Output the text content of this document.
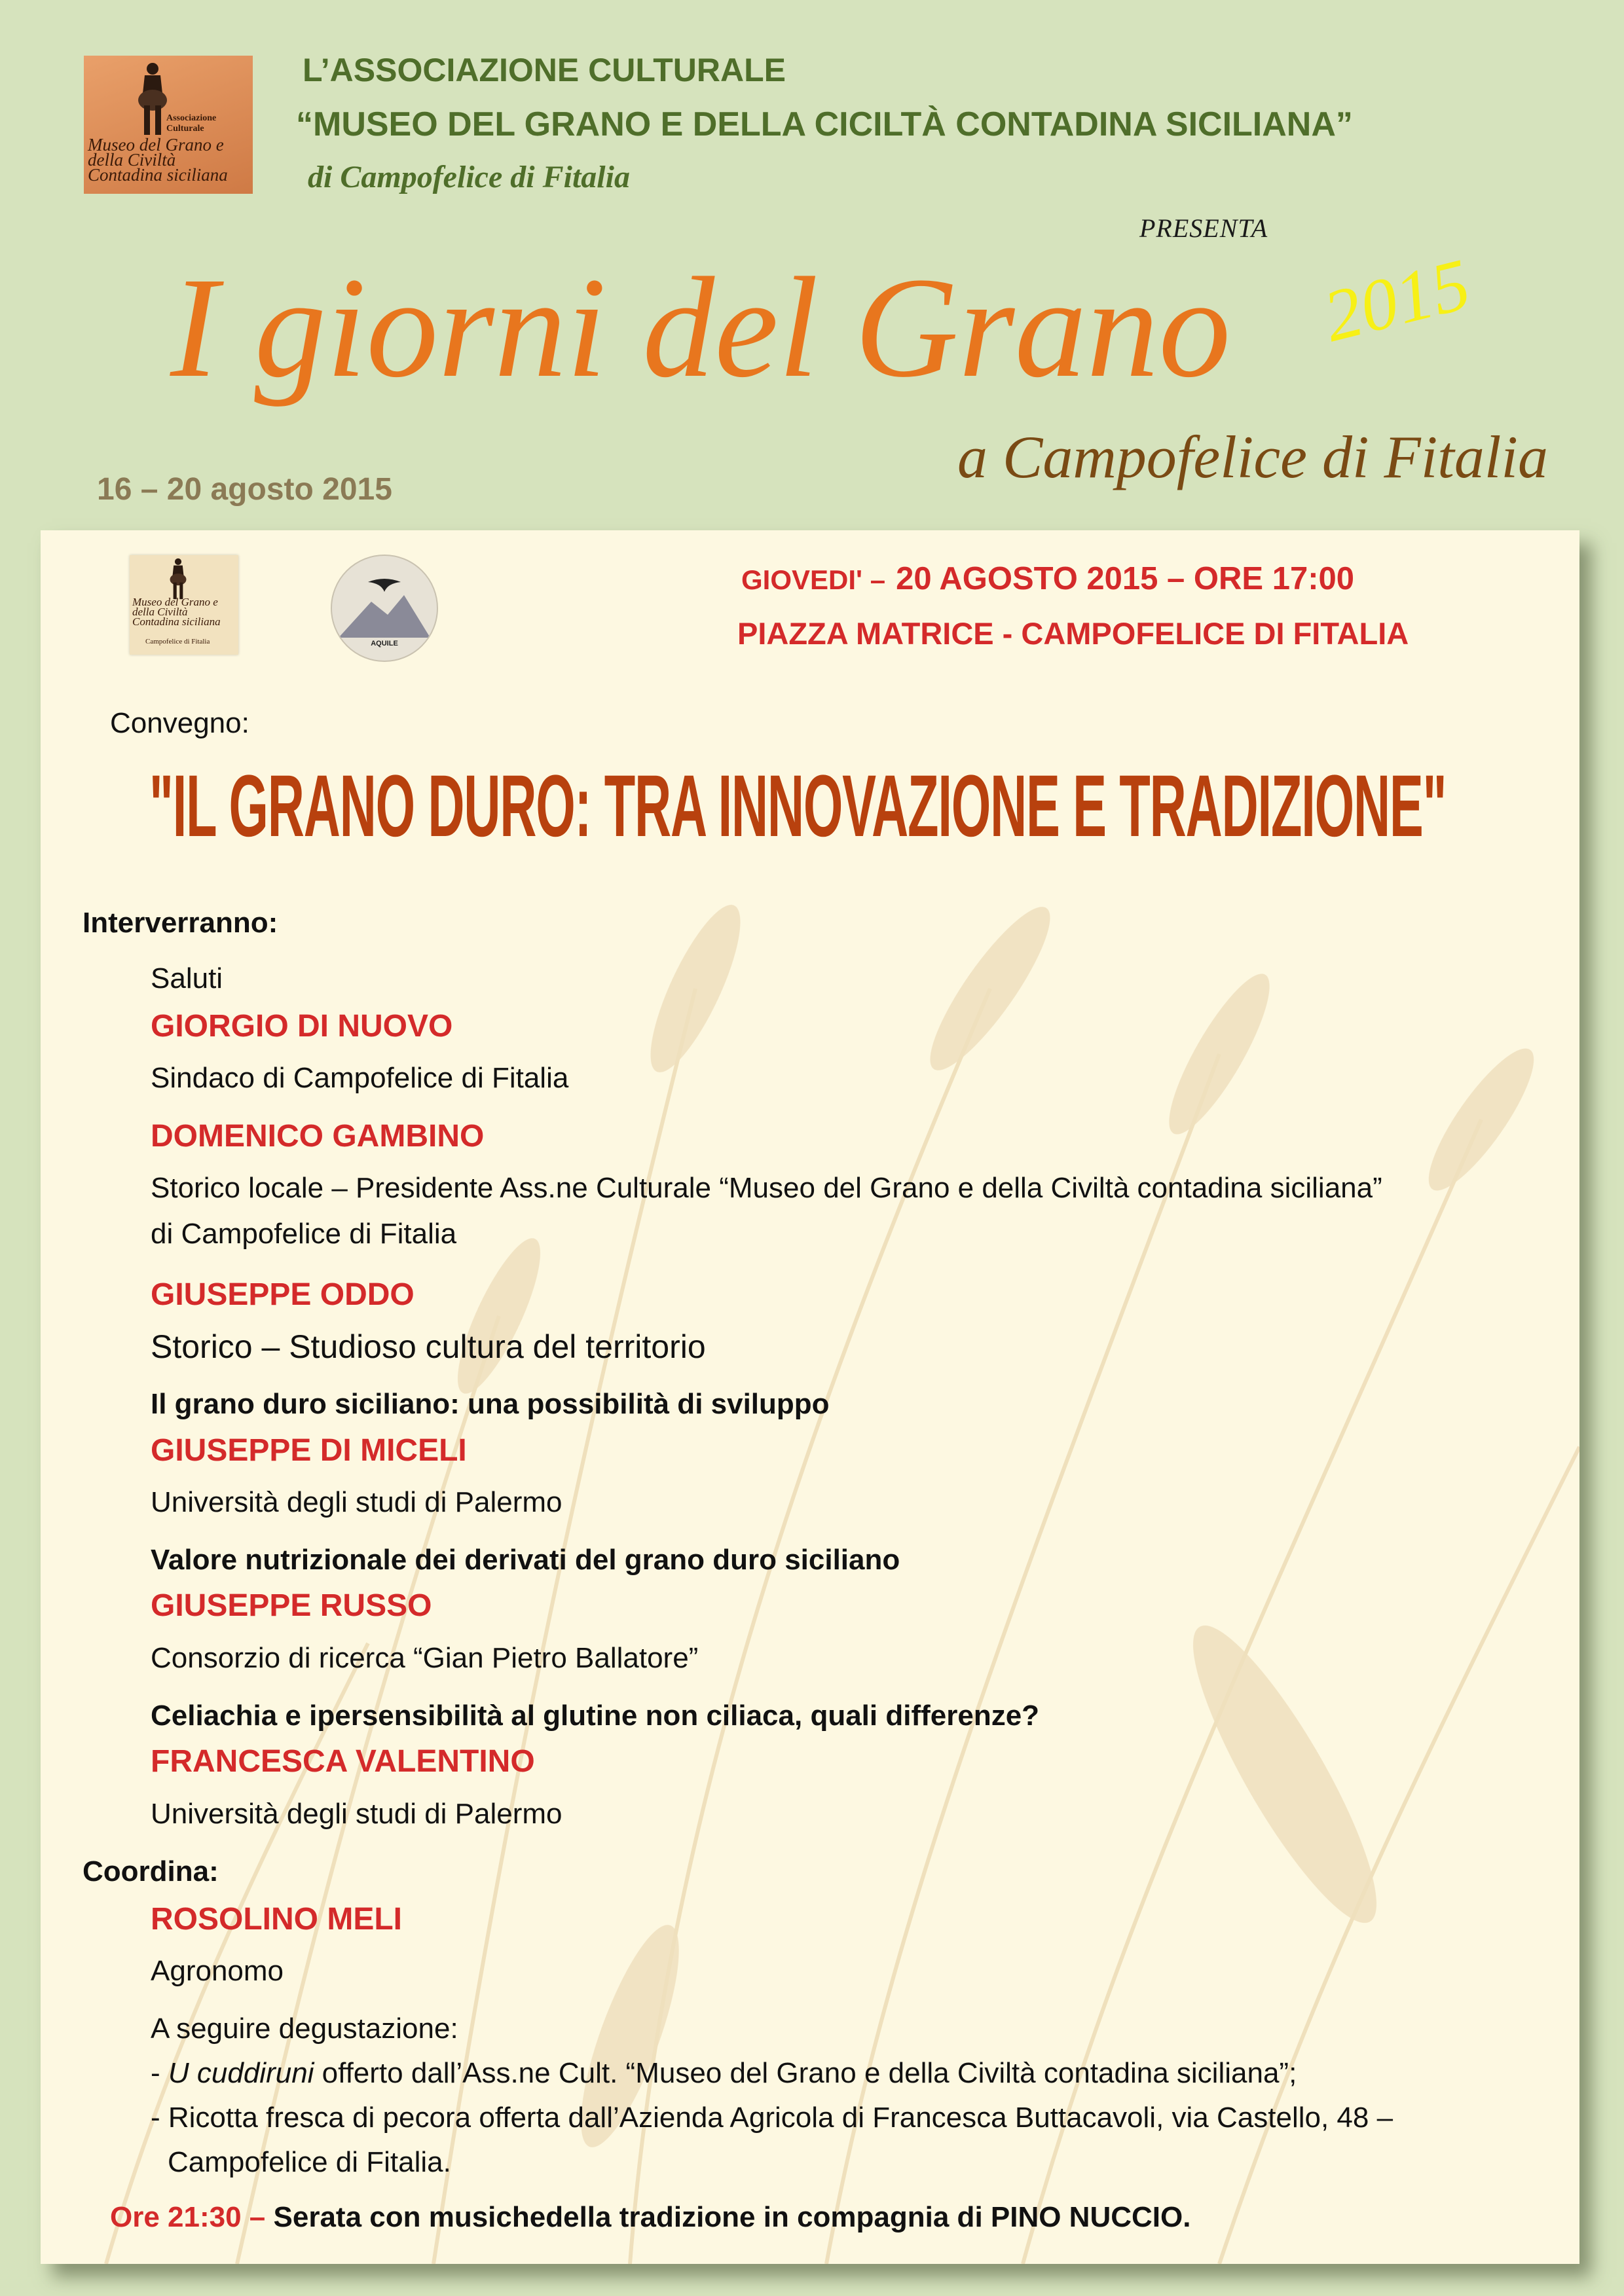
Associazione Culturale
Museo del Grano e della Civiltà Contadina siciliana
L’ASSOCIAZIONE CULTURALE
“MUSEO DEL GRANO E DELLA CICILTÀ CONTADINA SICILIANA”
di Campofelice di Fitalia
PRESENTA
I giorni del Grano 2015
a Campofelice di Fitalia
16 – 20 agosto 2015
Museo del Grano e della Civiltà Contadina siciliana
Campofelice di Fitalia	AQUILE
GIOVEDI' – 20 AGOSTO 2015 – ORE 17:00
PIAZZA MATRICE - CAMPOFELICE DI FITALIA
Convegno:
"IL GRANO DURO: TRA INNOVAZIONE E TRADIZIONE"
Interverranno:
Saluti
GIORGIO DI NUOVO
Sindaco di Campofelice di Fitalia
DOMENICO GAMBINO
Storico locale – Presidente Ass.ne Culturale “Museo del Grano e della Civiltà contadina siciliana”
di Campofelice di Fitalia
GIUSEPPE ODDO
Storico – Studioso cultura del territorio
Il grano duro siciliano: una possibilità di sviluppo
GIUSEPPE DI MICELI
Università degli studi di Palermo
Valore nutrizionale dei derivati del grano duro siciliano
GIUSEPPE RUSSO
Consorzio di ricerca “Gian Pietro Ballatore”
Celiachia e ipersensibilità al glutine non ciliaca, quali differenze?
FRANCESCA VALENTINO
Università degli studi di Palermo
Coordina:
ROSOLINO MELI
Agronomo
A seguire degustazione:
- U cuddiruni offerto dall’Ass.ne Cult. “Museo del Grano e della Civiltà contadina siciliana”;
- Ricotta fresca di pecora offerta dall’Azienda Agricola di Francesca Buttacavoli, via Castello, 48 –
Campofelice di Fitalia.
Ore 21:30 – Serata con musichedella tradizione in compagnia di PINO NUCCIO.
